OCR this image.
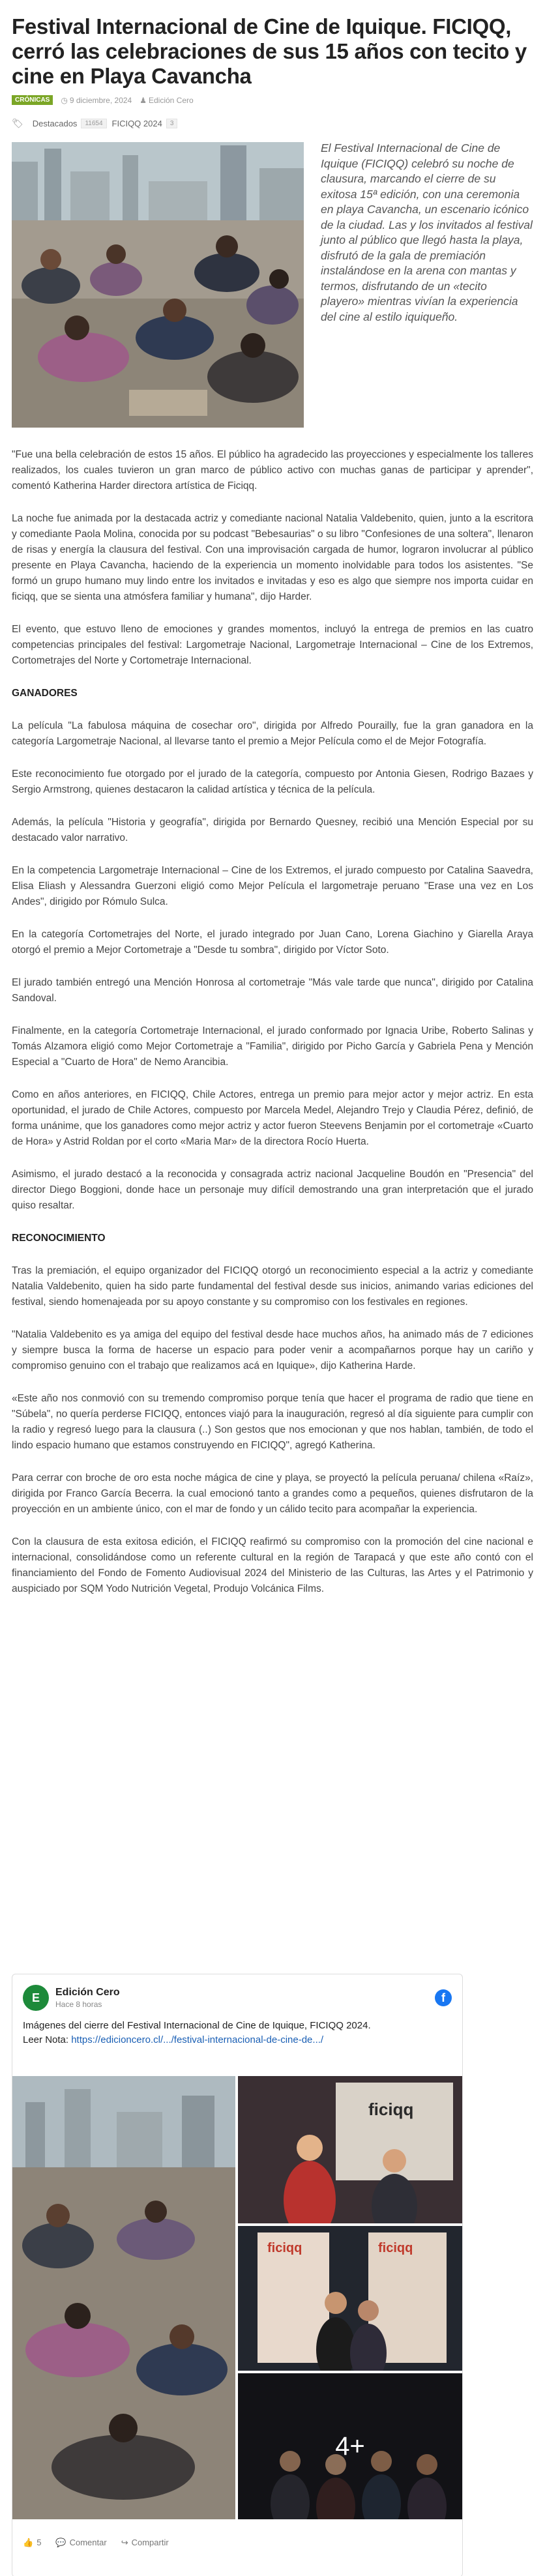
Festival Internacional de Cine de Iquique. FICIQQ, cerró las celebraciones de sus 15 años con tecito y cine en Playa Cavancha
CRÓNICAS	◷ 9 diciembre, 2024 ♟ Edición Cero
🏷 Destacados	11654	FICIQQ 2024	3
El Festival Internacional de Cine de Iquique (FICIQQ) celebró su noche de clausura, marcando el cierre de su exitosa 15ª edición, con una ceremonia en playa Cavancha, un escenario icónico de la ciudad. Las y los invitados al festival junto al público que llegó hasta la playa, disfrutó de la gala de premiación instalándose en la arena con mantas y termos, disfrutando de un «tecito playero» mientras vivían la experiencia del cine al estilo iquiqueño.

"Fue una bella celebración de estos 15 años. El público ha agradecido las proyecciones y especialmente los talleres realizados, los cuales tuvieron un gran marco de público activo con muchas ganas de participar y aprender", comentó Katherina Harder directora artística de Ficiqq.

La noche fue animada por la destacada actriz y comediante nacional Natalia Valdebenito, quien, junto a la escritora y comediante Paola Molina, conocida por su podcast "Bebesaurias" o su libro "Confesiones de una soltera", llenaron de risas y energía la clausura del festival. Con una improvisación cargada de humor, lograron involucrar al público presente en Playa Cavancha, haciendo de la experiencia un momento inolvidable para todos los asistentes. "Se formó un grupo humano muy lindo entre los invitados e invitadas y eso es algo que siempre nos importa cuidar en ficiqq, que se sienta una atmósfera familiar y humana", dijo Harder.

El evento, que estuvo lleno de emociones y grandes momentos, incluyó la entrega de premios en las cuatro competencias principales del festival: Largometraje Nacional, Largometraje Internacional – Cine de los Extremos, Cortometrajes del Norte y Cortometraje Internacional.

GANADORES

La película "La fabulosa máquina de cosechar oro", dirigida por Alfredo Pourailly, fue la gran ganadora en la categoría Largometraje Nacional, al llevarse tanto el premio a Mejor Película como el de Mejor Fotografía.

Este reconocimiento fue otorgado por el jurado de la categoría, compuesto por Antonia Giesen, Rodrigo Bazaes y Sergio Armstrong, quienes destacaron la calidad artística y técnica de la película.

Además, la película "Historia y geografía", dirigida por Bernardo Quesney, recibió una Mención Especial por su destacado valor narrativo.

En la competencia Largometraje Internacional – Cine de los Extremos, el jurado compuesto por Catalina Saavedra, Elisa Eliash y Alessandra Guerzoni eligió como Mejor Película el largometraje peruano "Erase una vez en Los Andes", dirigido por Rómulo Sulca.

En la categoría Cortometrajes del Norte, el jurado integrado por Juan Cano, Lorena Giachino y Giarella Araya otorgó el premio a Mejor Cortometraje a "Desde tu sombra", dirigido por Víctor Soto.

El jurado también entregó una Mención Honrosa al cortometraje "Más vale tarde que nunca", dirigido por Catalina Sandoval.

Finalmente, en la categoría Cortometraje Internacional, el jurado conformado por Ignacia Uribe, Roberto Salinas y Tomás Alzamora eligió como Mejor Cortometraje a "Familia", dirigido por Picho García y Gabriela Pena y Mención Especial a "Cuarto de Hora" de Nemo Arancibia.

Como en años anteriores, en FICIQQ, Chile Actores, entrega un premio para mejor actor y mejor actriz. En esta oportunidad, el jurado de Chile Actores, compuesto por Marcela Medel, Alejandro Trejo y Claudia Pérez, definió, de forma unánime, que los ganadores como mejor actriz y actor fueron Steevens Benjamin por el cortometraje «Cuarto de Hora» y Astrid Roldan por el corto «Maria Mar» de la directora Rocío Huerta.

Asimismo, el jurado destacó a la reconocida y consagrada actriz nacional Jacqueline Boudón en "Presencia" del director Diego Boggioni, donde hace un personaje muy difícil demostrando una gran interpretación que el jurado quiso resaltar.

RECONOCIMIENTO

Tras la premiación, el equipo organizador del FICIQQ otorgó un reconocimiento especial a la actriz y comediante Natalia Valdebenito, quien ha sido parte fundamental del festival desde sus inicios, animando varias ediciones del festival, siendo homenajeada por su apoyo constante y su compromiso con los festivales en regiones.

"Natalia Valdebenito es ya amiga del equipo del festival desde hace muchos años, ha animado más de 7 ediciones y siempre busca la forma de hacerse un espacio para poder venir a acompañarnos porque hay un cariño y compromiso genuino con el trabajo que realizamos acá en Iquique», dijo Katherina Harde.

«Este año nos conmovió con su tremendo compromiso porque tenía que hacer el programa de radio que tiene en "Súbela", no quería perderse FICIQQ, entonces viajó para la inauguración, regresó al día siguiente para cumplir con la radio y regresó luego para la clausura (..) Son gestos que nos emocionan y que nos hablan, también, de todo el lindo espacio humano que estamos construyendo en FICIQQ", agregó Katherina.

Para cerrar con broche de oro esta noche mágica de cine y playa, se proyectó la película peruana/ chilena «Raíz», dirigida por Franco García Becerra. la cual emocionó tanto a grandes como a pequeños, quienes disfrutaron de la proyección en un ambiente único, con el mar de fondo y un cálido tecito para acompañar la experiencia.

Con la clausura de esta exitosa edición, el FICIQQ reafirmó su compromiso con la promoción del cine nacional e internacional, consolidándose como un referente cultural en la región de Tarapacá y que este año contó con el financiamiento del Fondo de Fomento Audiovisual 2024 del Ministerio de las Culturas, las Artes y el Patrimonio y auspiciado por SQM Yodo Nutrición Vegetal, Produjo Volcánica Films.

E	Edición Cero
Hace 8 horas
f
Imágenes del cierre del Festival Internacional de Cine de Iquique, FICIQQ 2024.
Leer Nota: https://edicioncero.cl/.../festival-internacional-de-cine-de.../
ficiqq
ficiqq	ficiqq
4+
👍 5 💬 Comentar ↪ Compartir
